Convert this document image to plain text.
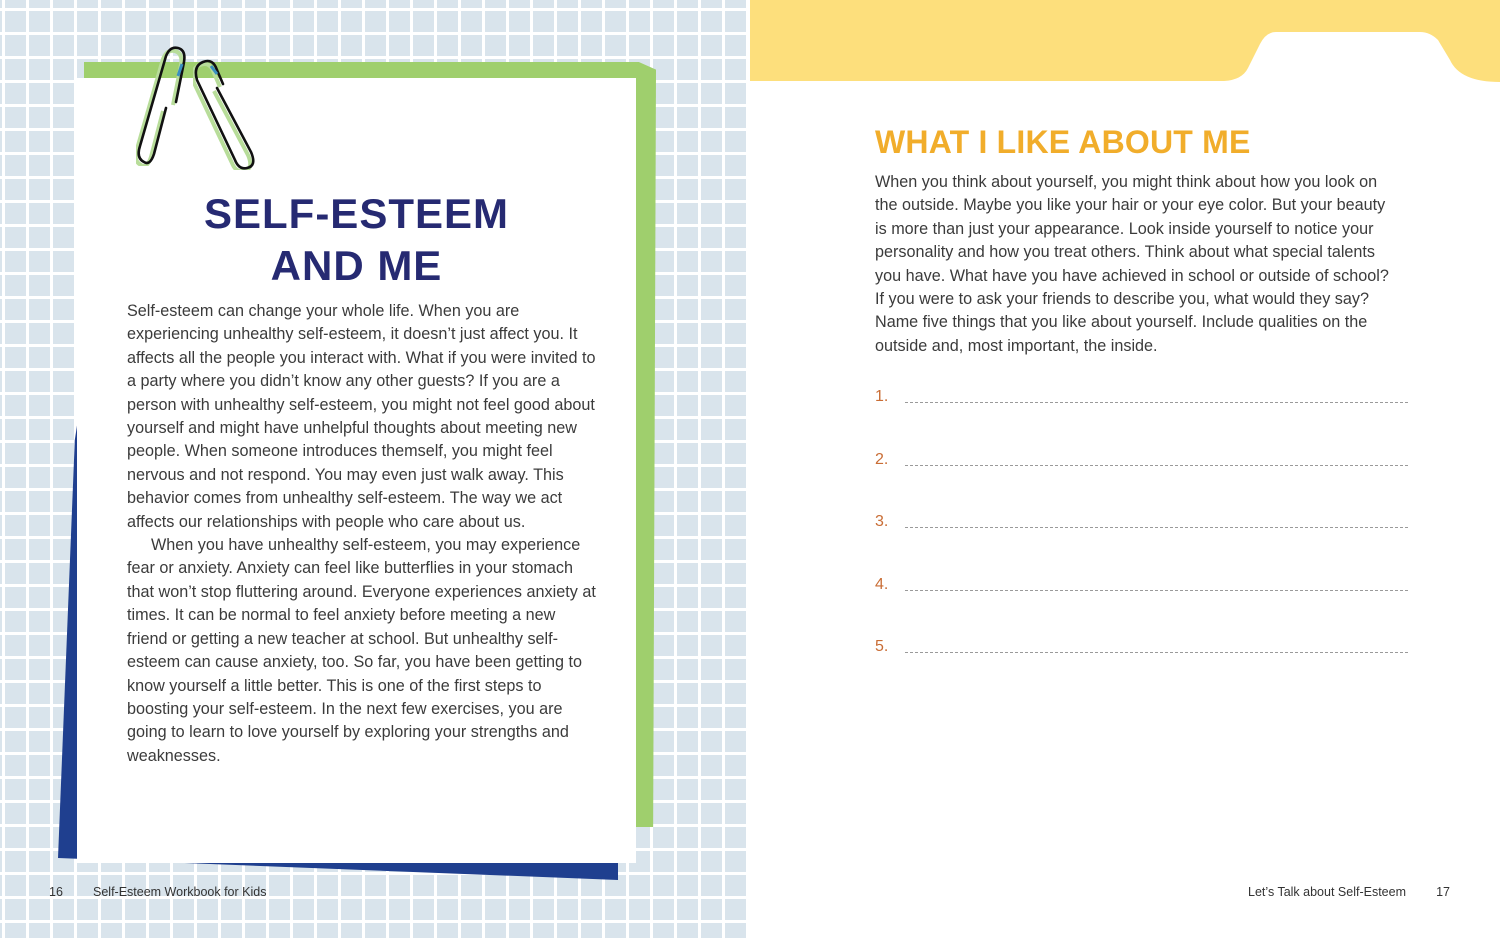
SELF-ESTEEM
AND ME

Self-esteem can change your whole life. When you are experiencing unhealthy self-esteem, it doesn’t just affect you. It affects all the people you interact with. What if you were invited to a party where you didn’t know any other guests? If you are a person with unhealthy self-esteem, you might not feel good about yourself and might have unhelpful thoughts about meeting new people. When someone introduces themself, you might feel nervous and not respond. You may even just walk away. This behavior comes from unhealthy self-esteem. The way we act affects our relationships with people who care about us.

When you have unhealthy self-esteem, you may experience fear or anxiety. Anxiety can feel like butterflies in your stomach that won’t stop fluttering around. Everyone experiences anxiety at times. It can be normal to feel anxiety before meeting a new friend or getting a new teacher at school. But unhealthy self-esteem can cause anxiety, too. So far, you have been getting to know yourself a little better. This is one of the first steps to boosting your self-esteem. In the next few exercises, you are going to learn to love yourself by exploring your strengths and weaknesses.

16 Self-Esteem Workbook for Kids
WHAT I LIKE ABOUT ME
When you think about yourself, you might think about how you look on the outside. Maybe you like your hair or your eye color. But your beauty is more than just your appearance. Look inside yourself to notice your personality and how you treat others. Think about what special talents you have. What have you have achieved in school or outside of school? If you were to ask your friends to describe you, what would they say? Name five things that you like about yourself. Include qualities on the outside and, most important, the inside.
1.
2.
3.
4.
5.
Let’s Talk about Self-Esteem 17
